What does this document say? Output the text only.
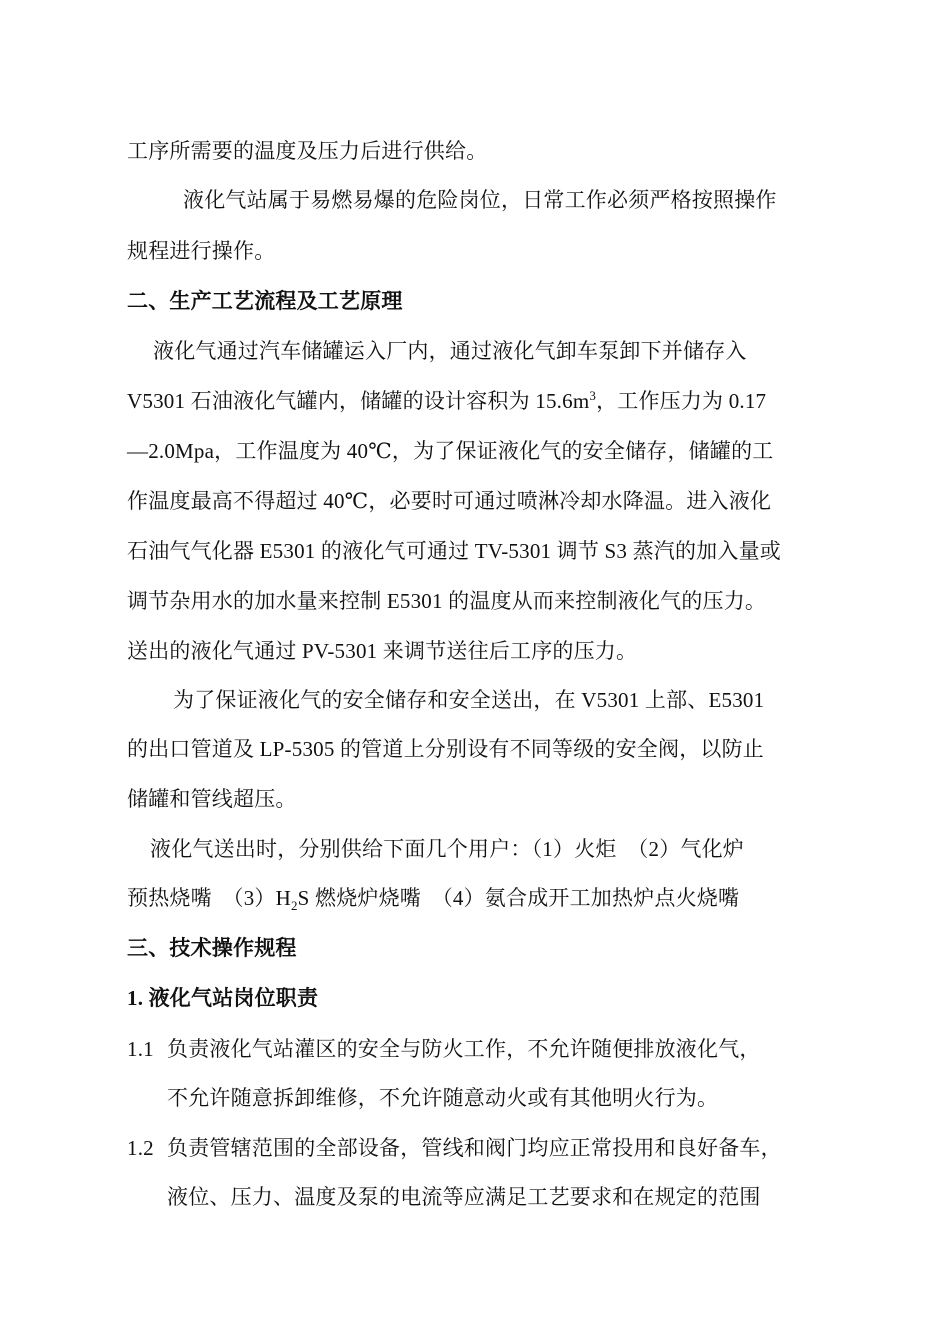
工序所需要的温度及压力后进行供给。
液化气站属于易燃易爆的危险岗位，日常工作必须严格按照操作
规程进行操作。
二、生产工艺流程及工艺原理
液化气通过汽车储罐运入厂内，通过液化气卸车泵卸下并储存入
V5301 石油液化气罐内，储罐的设计容积为 $15.6m^3$，工作压力为 0.17
—2.0Mpa，工作温度为 40℃，为了保证液化气的安全储存，储罐的工
作温度最高不得超过 40℃，必要时可通过喷淋冷却水降温。进入液化
石油气气化器 E5301 的液化气可通过 TV-5301 调节 S3 蒸汽的加入量或
调节杂用水的加水量来控制 E5301 的温度从而来控制液化气的压力。
送出的液化气通过 PV-5301 来调节送往后工序的压力。
为了保证液化气的安全储存和安全送出，在 V5301 上部、E5301
的出口管道及 LP-5305 的管道上分别设有不同等级的安全阀，以防止
储罐和管线超压。
液化气送出时，分别供给下面几个用户：（1）火炬　（2）气化炉
预热烧嘴　$(3)H_2S$ 燃烧炉烧嘴　（4）氨合成开工加热炉点火烧嘴
三、技术操作规程
1. 液化气站岗位职责
1.1 负责液化气站灌区的安全与防火工作，不允许随便排放液化气，
不允许随意拆卸维修，不允许随意动火或有其他明火行为。
1.2 负责管辖范围的全部设备，管线和阀门均应正常投用和良好备车，
液位、压力、温度及泵的电流等应满足工艺要求和在规定的范围
